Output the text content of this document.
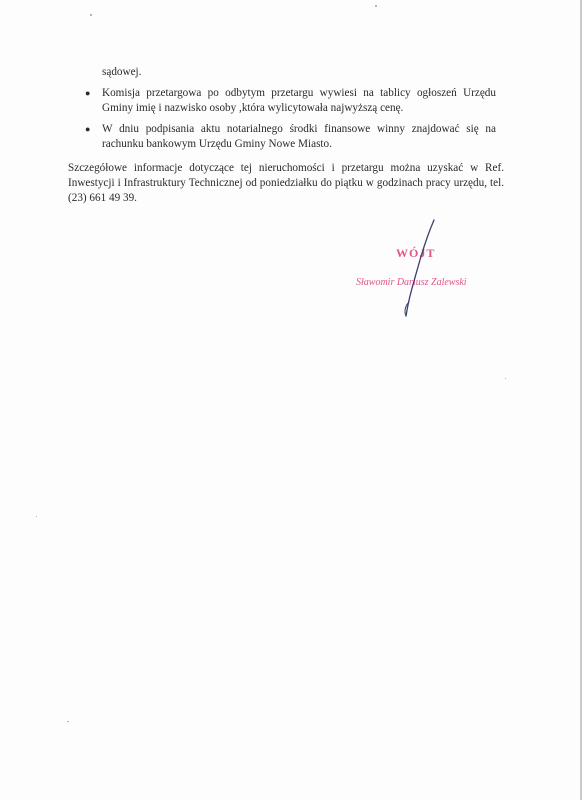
sądowej.
● Komisja przetargowa po odbytym przetargu wywiesi na tablicy ogłoszeń Urzędu Gminy imię i nazwisko osoby ,która wylicytowała najwyższą cenę.
● W dniu podpisania aktu notarialnego środki finansowe winny znajdować się na rachunku bankowym Urzędu Gminy Nowe Miasto.

Szczegółowe informacje dotyczące tej nieruchomości i przetargu można uzyskać w Ref. Inwestycji i Infrastruktury Technicznej od poniedziałku do piątku w godzinach pracy urzędu, tel. (23) 661 49 39.

WÓJT
Sławomir Dariusz Zalewski
